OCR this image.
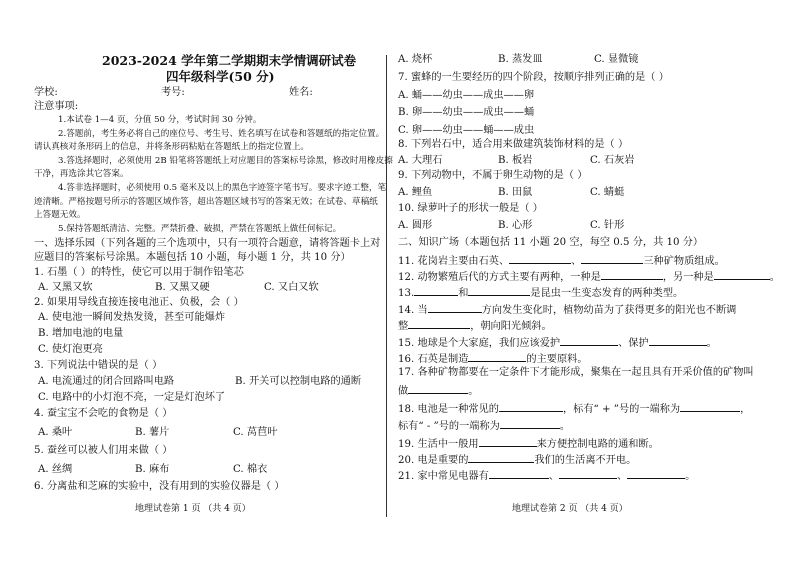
2023-2024 学年第二学期期末学情调研试卷
四年级科学(50 分)
学校:	考号:	姓名:
注意事项:
1.本试卷 1—4 页，分值 50 分，考试时间 30 分钟。
2.答题前，考生务必将自己的座位号、考生号、姓名填写在试卷和答题纸的指定位置。
请认真核对条形码上的信息，并将条形码粘贴在答题纸上的指定位置上。
3.答选择题时，必须使用 2B 铅笔将答题纸上对应题目的答案标号涂黑，修改时用橡皮擦
干净，再选涂其它答案。
4.答非选择题时，必须使用 0.5 毫米及以上的黑色字迹签字笔书写。要求字迹工整，笔
迹清晰。严格按题号所示的答题区域作答，超出答题区域书写的答案无效；在试卷、草稿纸
上答题无效。
5.保持答题纸清洁、完整。严禁折叠、破损，严禁在答题纸上做任何标记。
一、选择乐园（下列各题的三个选项中，只有一项符合题意，请将答题卡上对
应题目的答案标号涂黑。本题包括 10 小题，每小题 1 分，共 10 分）
1. 石墨（ ）的特性，使它可以用于制作铅笔芯
A. 又黑又软	B. 又黑又硬	C. 又白又软
2. 如果用导线直接连接电池正、负极，会（ ）
A. 使电池一瞬间发热发烫，甚至可能爆炸
B. 增加电池的电量
C. 使灯泡更亮
3. 下列说法中错误的是（ ）
A. 电流通过的闭合回路叫电路	B. 开关可以控制电路的通断
C. 电路中的小灯泡不亮，一定是灯泡坏了
4. 蚕宝宝不会吃的食物是（ ）
A. 桑叶	B. 薯片	C. 莴苣叶
5. 蚕丝可以被人们用来做（ ）
A. 丝绸	B. 麻布	C. 棉衣
6. 分离盐和芝麻的实验中，没有用到的实验仪器是（ ）
地理试卷第 1 页 （共 4 页）
A. 烧杯	B. 蒸发皿	C. 显微镜
7. 蜜蜂的一生要经历的四个阶段，按顺序排列正确的是（ ）
A. 蛹——幼虫——成虫——卵
B. 卵——幼虫——成虫——蛹
C. 卵——幼虫——蛹——成虫
8. 下列岩石中，适合用来做建筑装饰材料的是（ ）
A. 大理石	B. 板岩	C. 石灰岩
9. 下列动物中，不属于卵生动物的是（ ）
A. 鲤鱼	B. 田鼠	C. 蜻蜓
10. 绿萝叶子的形状一般是（ ）
A. 圆形	B. 心形	C. 针形
二、知识广场（本题包括 11 小题 20 空，每空 0.5 分，共 10 分）
11. 花岗岩主要由石英、	、	三种矿物质组成。
12. 动物繁殖后代的方式主要有两种，一种是	，另一种是	。
13.	和	是昆虫一生变态发育的两种类型。
14. 当	方向发生变化时，植物幼苗为了获得更多的阳光也不断调
整	，朝向阳光倾斜。
15. 地球是个大家庭，我们应该爱护	、保护	。
16. 石英是制造	的主要原料。
17. 各种矿物都要在一定条件下才能形成，聚集在一起且具有开采价值的矿物叫
做	。
18. 电池是一种常见的	，标有“ + ”号的一端称为	，
标有“ - ”号的一端称为	。
19. 生活中一般用	来方便控制电路的通和断。
20. 电是重要的	我们的生活离不开电。
21. 家中常见电器有	、	、	。
地理试卷第 2 页 （共 4 页）
